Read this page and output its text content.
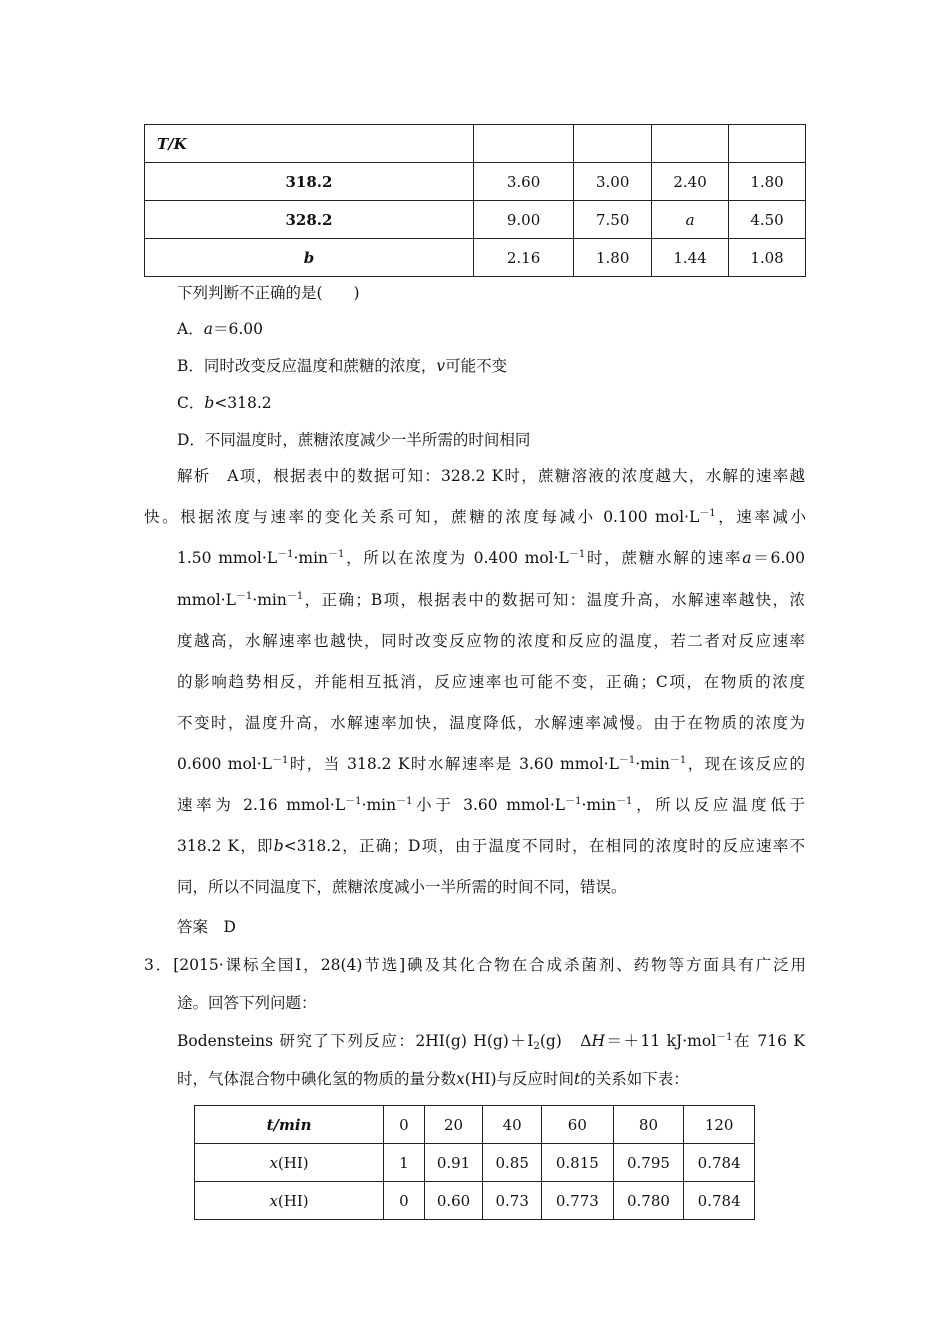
T/K				
318.2	3.60	3.00	2.40	1.80
328.2	9.00	7.50	a	4.50
b	2.16	1.80	1.44	1.08
下列判断不正确的是(　　)
A．a＝6.00
B．同时改变反应温度和蔗糖的浓度，v可能不变
C．b<318.2
D．不同温度时，蔗糖浓度减少一半所需的时间相同
解析　A项，根据表中的数据可知：328.2 K时，蔗糖溶液的浓度越大，水解的速率越
快。根据浓度与速率的变化关系可知，蔗糖的浓度每减小 0.100 $mol\cdot L^{-1}$，速率减小
1.50 $mmol\cdot L^{-1}\cdot\min^{-1}$，所以在浓度为 0.400 $mol\cdot L^{-1}$时，蔗糖水解的速率a＝6.00
$mmol\cdot L^{-1}\cdot\min^{-1}$，正确；B项，根据表中的数据可知：温度升高，水解速率越快，浓
度越高，水解速率也越快，同时改变反应物的浓度和反应的温度，若二者对反应速率
的影响趋势相反，并能相互抵消，反应速率也可能不变，正确；C项，在物质的浓度
不变时，温度升高，水解速率加快，温度降低，水解速率减慢。由于在物质的浓度为
0.600 $mol\cdot L^{-1}$时，当 318.2 K时水解速率是 3.60 $mmol\cdot L^{-1}\cdot\min^{-1}$，现在该反应的
速率为 2.16 $mmol\cdot L^{-1}\cdot\min^{-1}$小于 3.60 $mmol\cdot L^{-1}\cdot\min^{-1}$，所以反应温度低于
318.2 K，即b<318.2，正确；D项，由于温度不同时，在相同的浓度时的反应速率不
同，所以不同温度下，蔗糖浓度减小一半所需的时间不同，错误。
答案　D
3．[2015·课标全国Ⅰ，28(4)节选]碘及其化合物在合成杀菌剂、药物等方面具有广泛用
途。回答下列问题：
Bodensteins 研究了下列反应：2HI(g) $H(g)+I_2(g)$　ΔH＝＋11 kJ·mol$^{-1}$在 716 K
时，气体混合物中碘化氢的物质的量分数x(HI)与反应时间t的关系如下表：
t/min	0	20	40	60	80	120
x(HI)	1	0.91	0.85	0.815	0.795	0.784
x(HI)	0	0.60	0.73	0.773	0.780	0.784
